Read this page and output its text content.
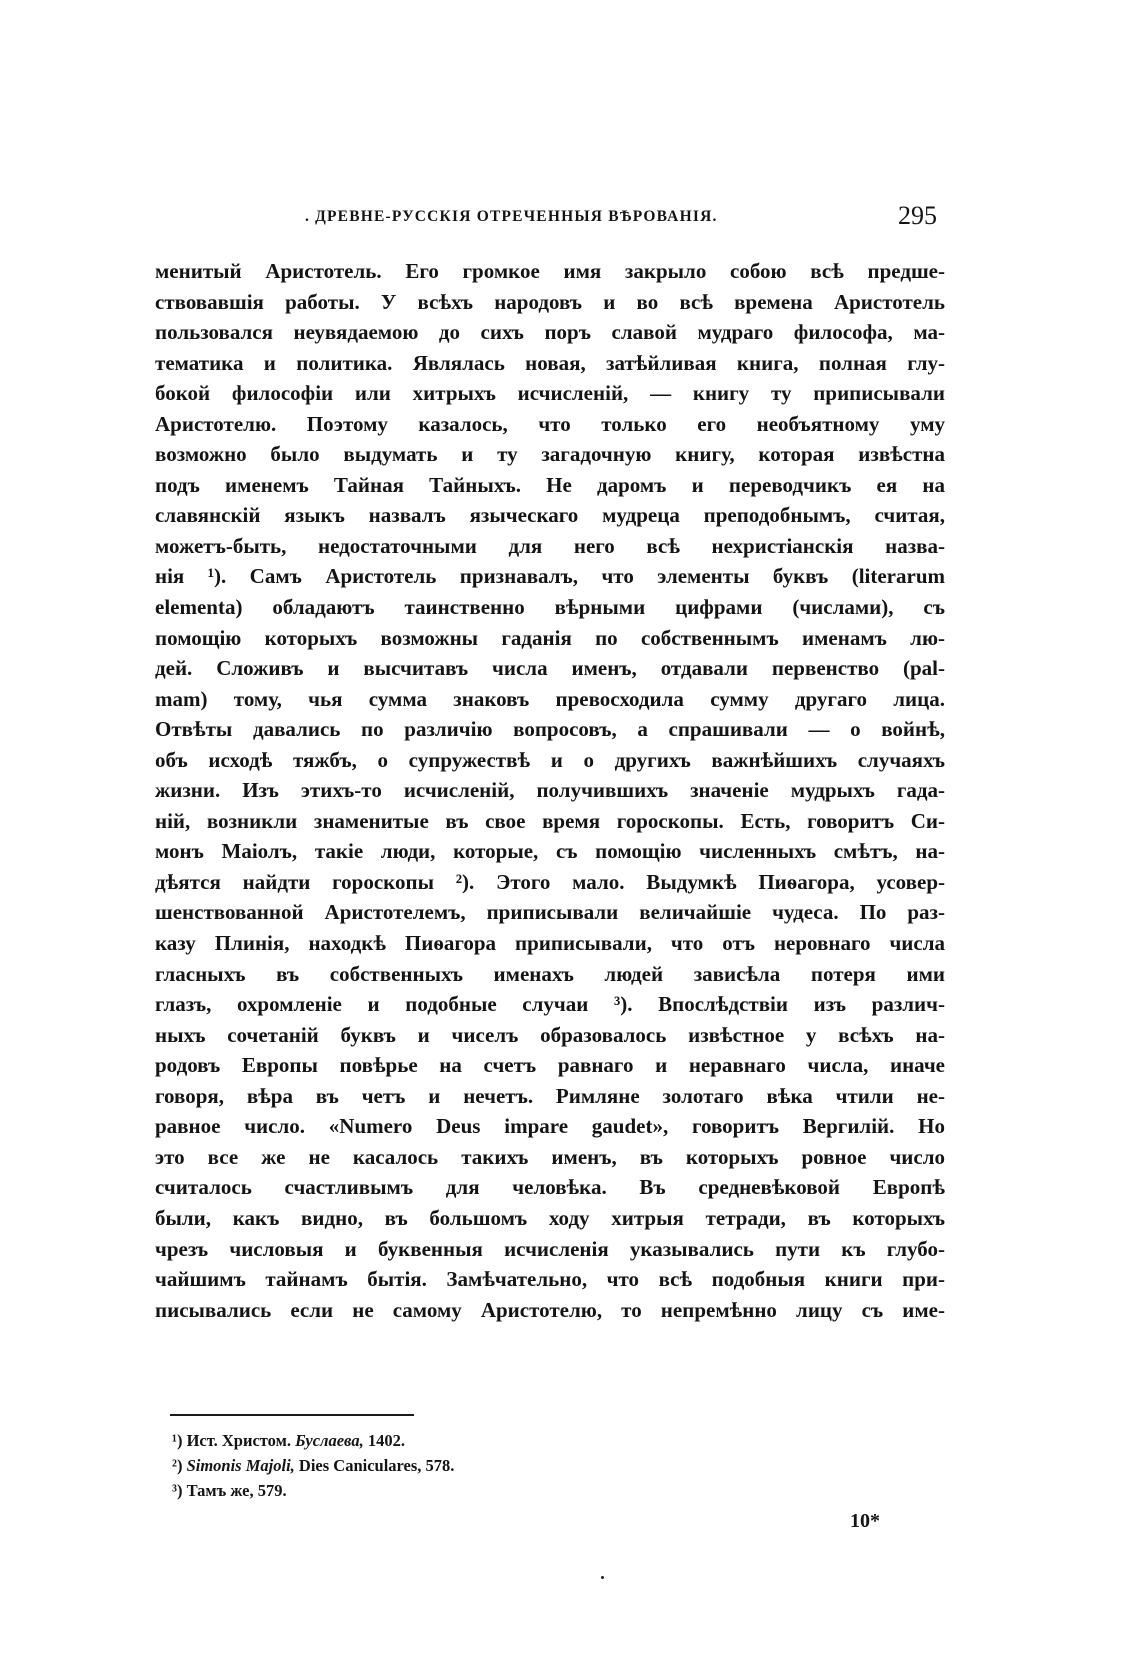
. ДРЕВНЕ-РУССКІЯ ОТРЕЧЕННЫЯ ВѢРОВАНІЯ.	295
менитый Аристотель. Его громкое имя закрыло собою всѣ предше-
ствовавшія работы. У всѣхъ народовъ и во всѣ времена Аристотель
пользовался неувядаемою до сихъ поръ славой мудраго философа, ма-
тематика и политика. Являлась новая, затѣйливая книга, полная глу-
бокой философіи или хитрыхъ исчисленій, — книгу ту приписывали
Аристотелю. Поэтому казалось, что только его необъятному уму
возможно было выдумать и ту загадочную книгу, которая извѣстна
подъ именемъ Тайная Тайныхъ. Не даромъ и переводчикъ ея на
славянскій языкъ назвалъ языческаго мудреца преподобнымъ, считая,
можетъ-быть, недостаточными для него всѣ нехристіанскія назва-
нія ¹). Самъ Аристотель признавалъ, что элементы буквъ (literarum
elementa) обладаютъ таинственно вѣрными цифрами (числами), съ
помощію которыхъ возможны гаданія по собственнымъ именамъ лю-
дей. Сложивъ и высчитавъ числа именъ, отдавали первенство (pal-
mam) тому, чья сумма знаковъ превосходила сумму другаго лица.
Отвѣты давались по различію вопросовъ, а спрашивали — о войнѣ,
объ исходѣ тяжбъ, о супружествѣ и о другихъ важнѣйшихъ случаяхъ
жизни. Изъ этихъ-то исчисленій, получившихъ значеніе мудрыхъ гада-
ній, возникли знаменитые въ свое время гороскопы. Есть, говоритъ Си-
монъ Маіолъ, такіе люди, которые, съ помощію численныхъ смѣтъ, на-
дѣятся найдти гороскопы ²). Этого мало. Выдумкѣ Пиѳагора, усовер-
шенствованной Аристотелемъ, приписывали величайшіе чудеса. По раз-
казу Плинія, находкѣ Пиѳагора приписывали, что отъ неровнаго числа
гласныхъ въ собственныхъ именахъ людей зависѣла потеря ими
глазъ, охромленіе и подобные случаи ³). Впослѣдствіи изъ различ-
ныхъ сочетаній буквъ и чиселъ образовалось извѣстное у всѣхъ на-
родовъ Европы повѣрье на счетъ равнаго и неравнаго числа, иначе
говоря, вѣра въ четъ и нечетъ. Римляне золотаго вѣка чтили не-
равное число. «Numero Deus impare gaudet», говоритъ Вергилій. Но
это все же не касалось такихъ именъ, въ которыхъ ровное число
считалось счастливымъ для человѣка. Въ средневѣковой Европѣ
были, какъ видно, въ большомъ ходу хитрыя тетради, въ которыхъ
чрезъ числовыя и буквенныя исчисленія указывались пути къ глубо-
чайшимъ тайнамъ бытія. Замѣчательно, что всѣ подобныя книги при-
писывались если не самому Аристотелю, то непремѣнно лицу съ име-
¹) Ист. Христом. Буслаева, 1402.
²) Simonis Majoli, Dies Caniculares, 578.
³) Тамъ же, 579.
10*
